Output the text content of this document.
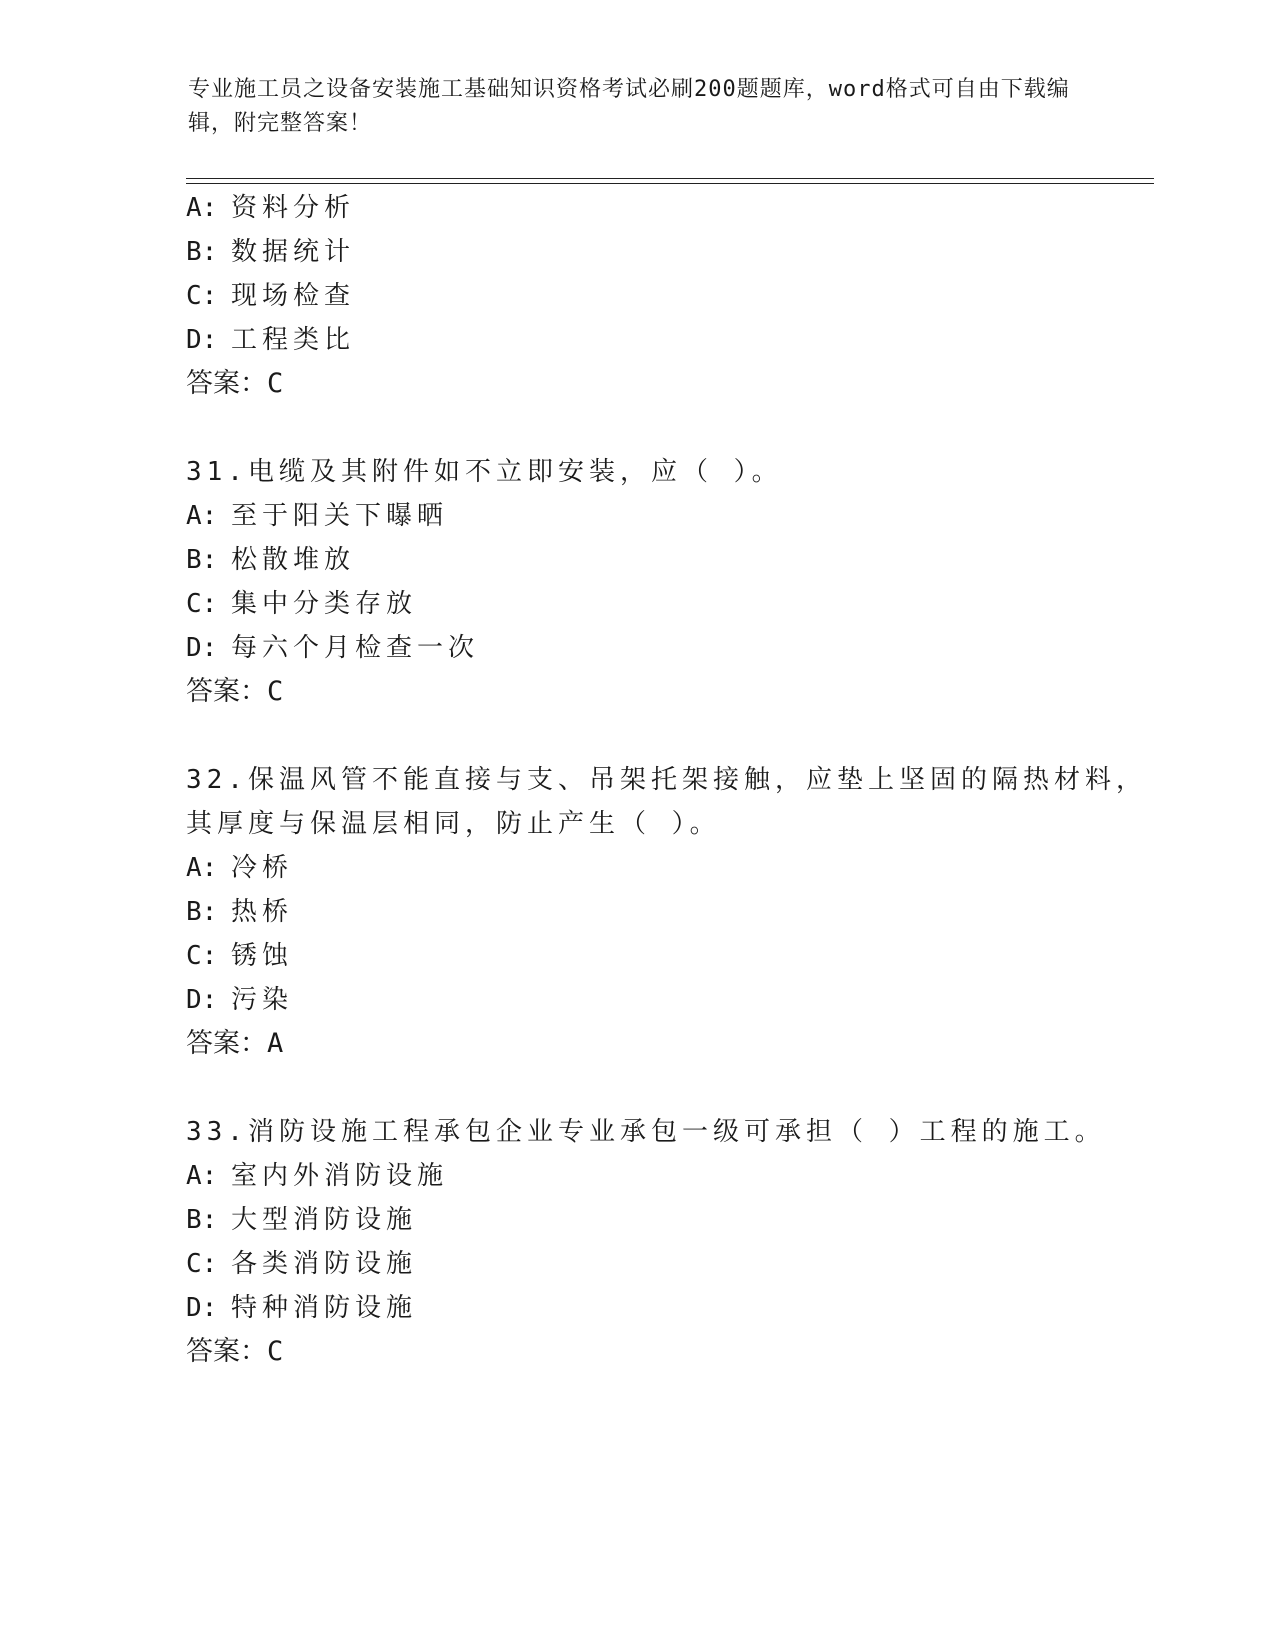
专业施工员之设备安装施工基础知识资格考试必刷200题题库，word格式可自由下载编辑，附完整答案！
A: 资料分析
B: 数据统计
C: 现场检查
D: 工程类比
答案：C
31.电缆及其附件如不立即安装，应（ ）。
A: 至于阳关下曝晒
B: 松散堆放
C: 集中分类存放
D: 每六个月检查一次
答案：C
32.保温风管不能直接与支、吊架托架接触，应垫上坚固的隔热材料，
其厚度与保温层相同，防止产生（ ）。
A: 冷桥
B: 热桥
C: 锈蚀
D: 污染
答案：A
33.消防设施工程承包企业专业承包一级可承担（ ）工程的施工。
A: 室内外消防设施
B: 大型消防设施
C: 各类消防设施
D: 特种消防设施
答案：C
